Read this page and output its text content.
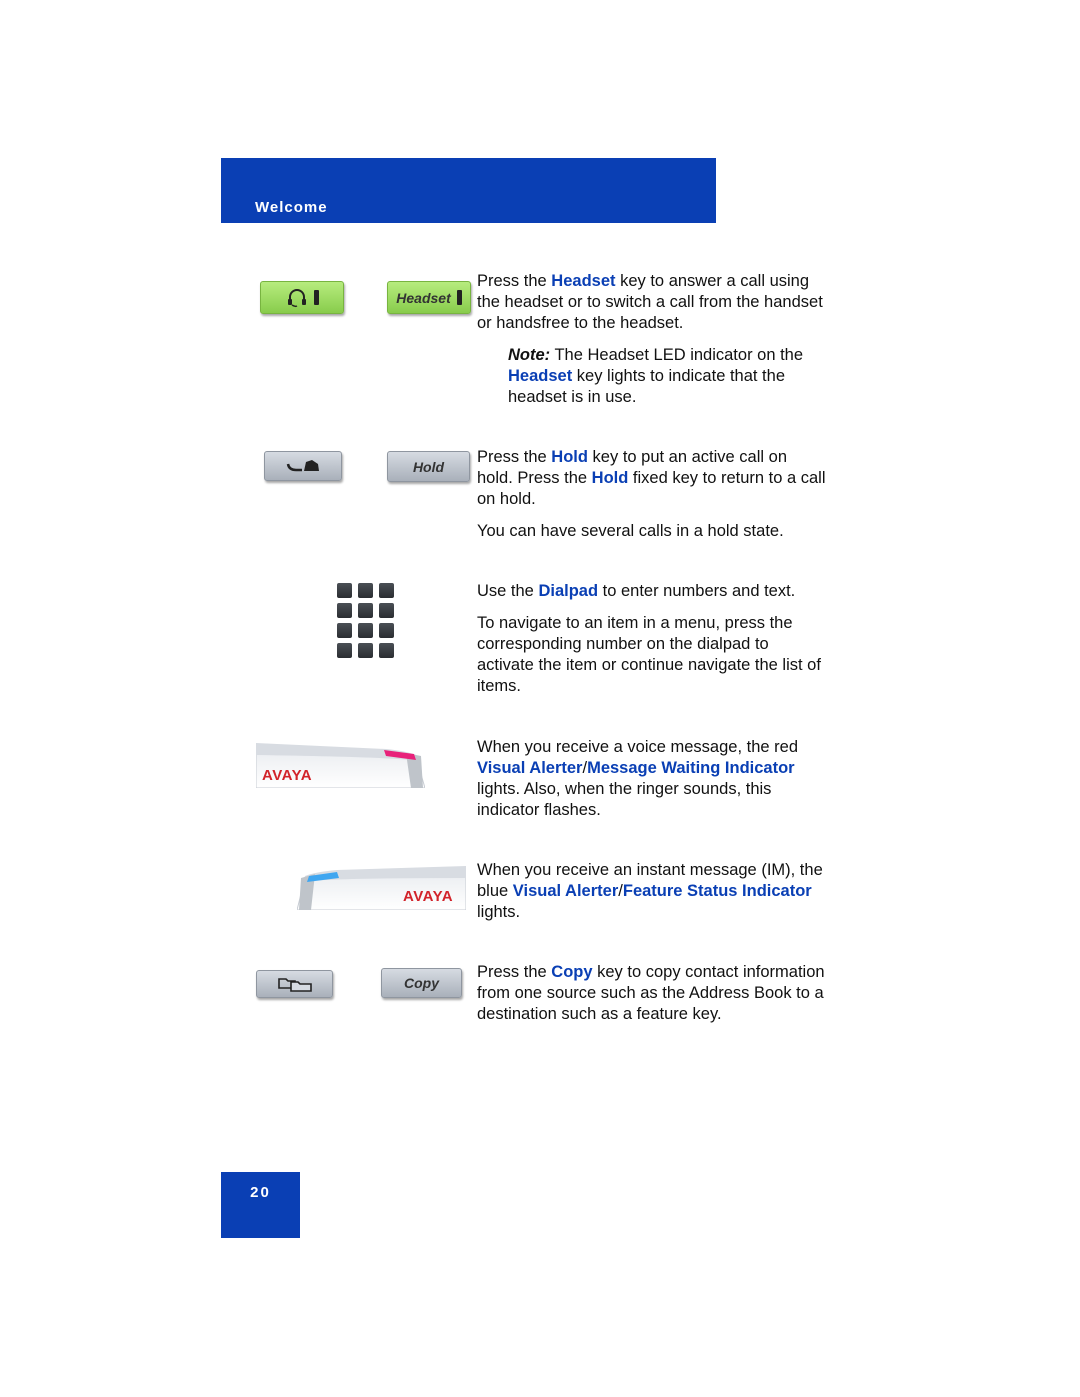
Welcome
Headset

Press the Headset key to answer a call using the headset or to switch a call from the handset or handsfree to the headset.

Note: The Headset LED indicator on the Headset key lights to indicate that the headset is in use.

Hold

Press the Hold key to put an active call on hold. Press the Hold fixed key to return to a call on hold.

You can have several calls in a hold state.

Use the Dialpad to enter numbers and text.

To navigate to an item in a menu, press the corresponding number on the dialpad to activate the item or continue navigate the list of items.

AVAYA

When you receive a voice message, the red Visual Alerter/Message Waiting Indicator lights. Also, when the ringer sounds, this indicator flashes.

AVAYA

When you receive an instant message (IM), the blue Visual Alerter/Feature Status Indicator lights.

Copy

Press the Copy key to copy contact information from one source such as the Address Book to a destination such as a feature key.

20
